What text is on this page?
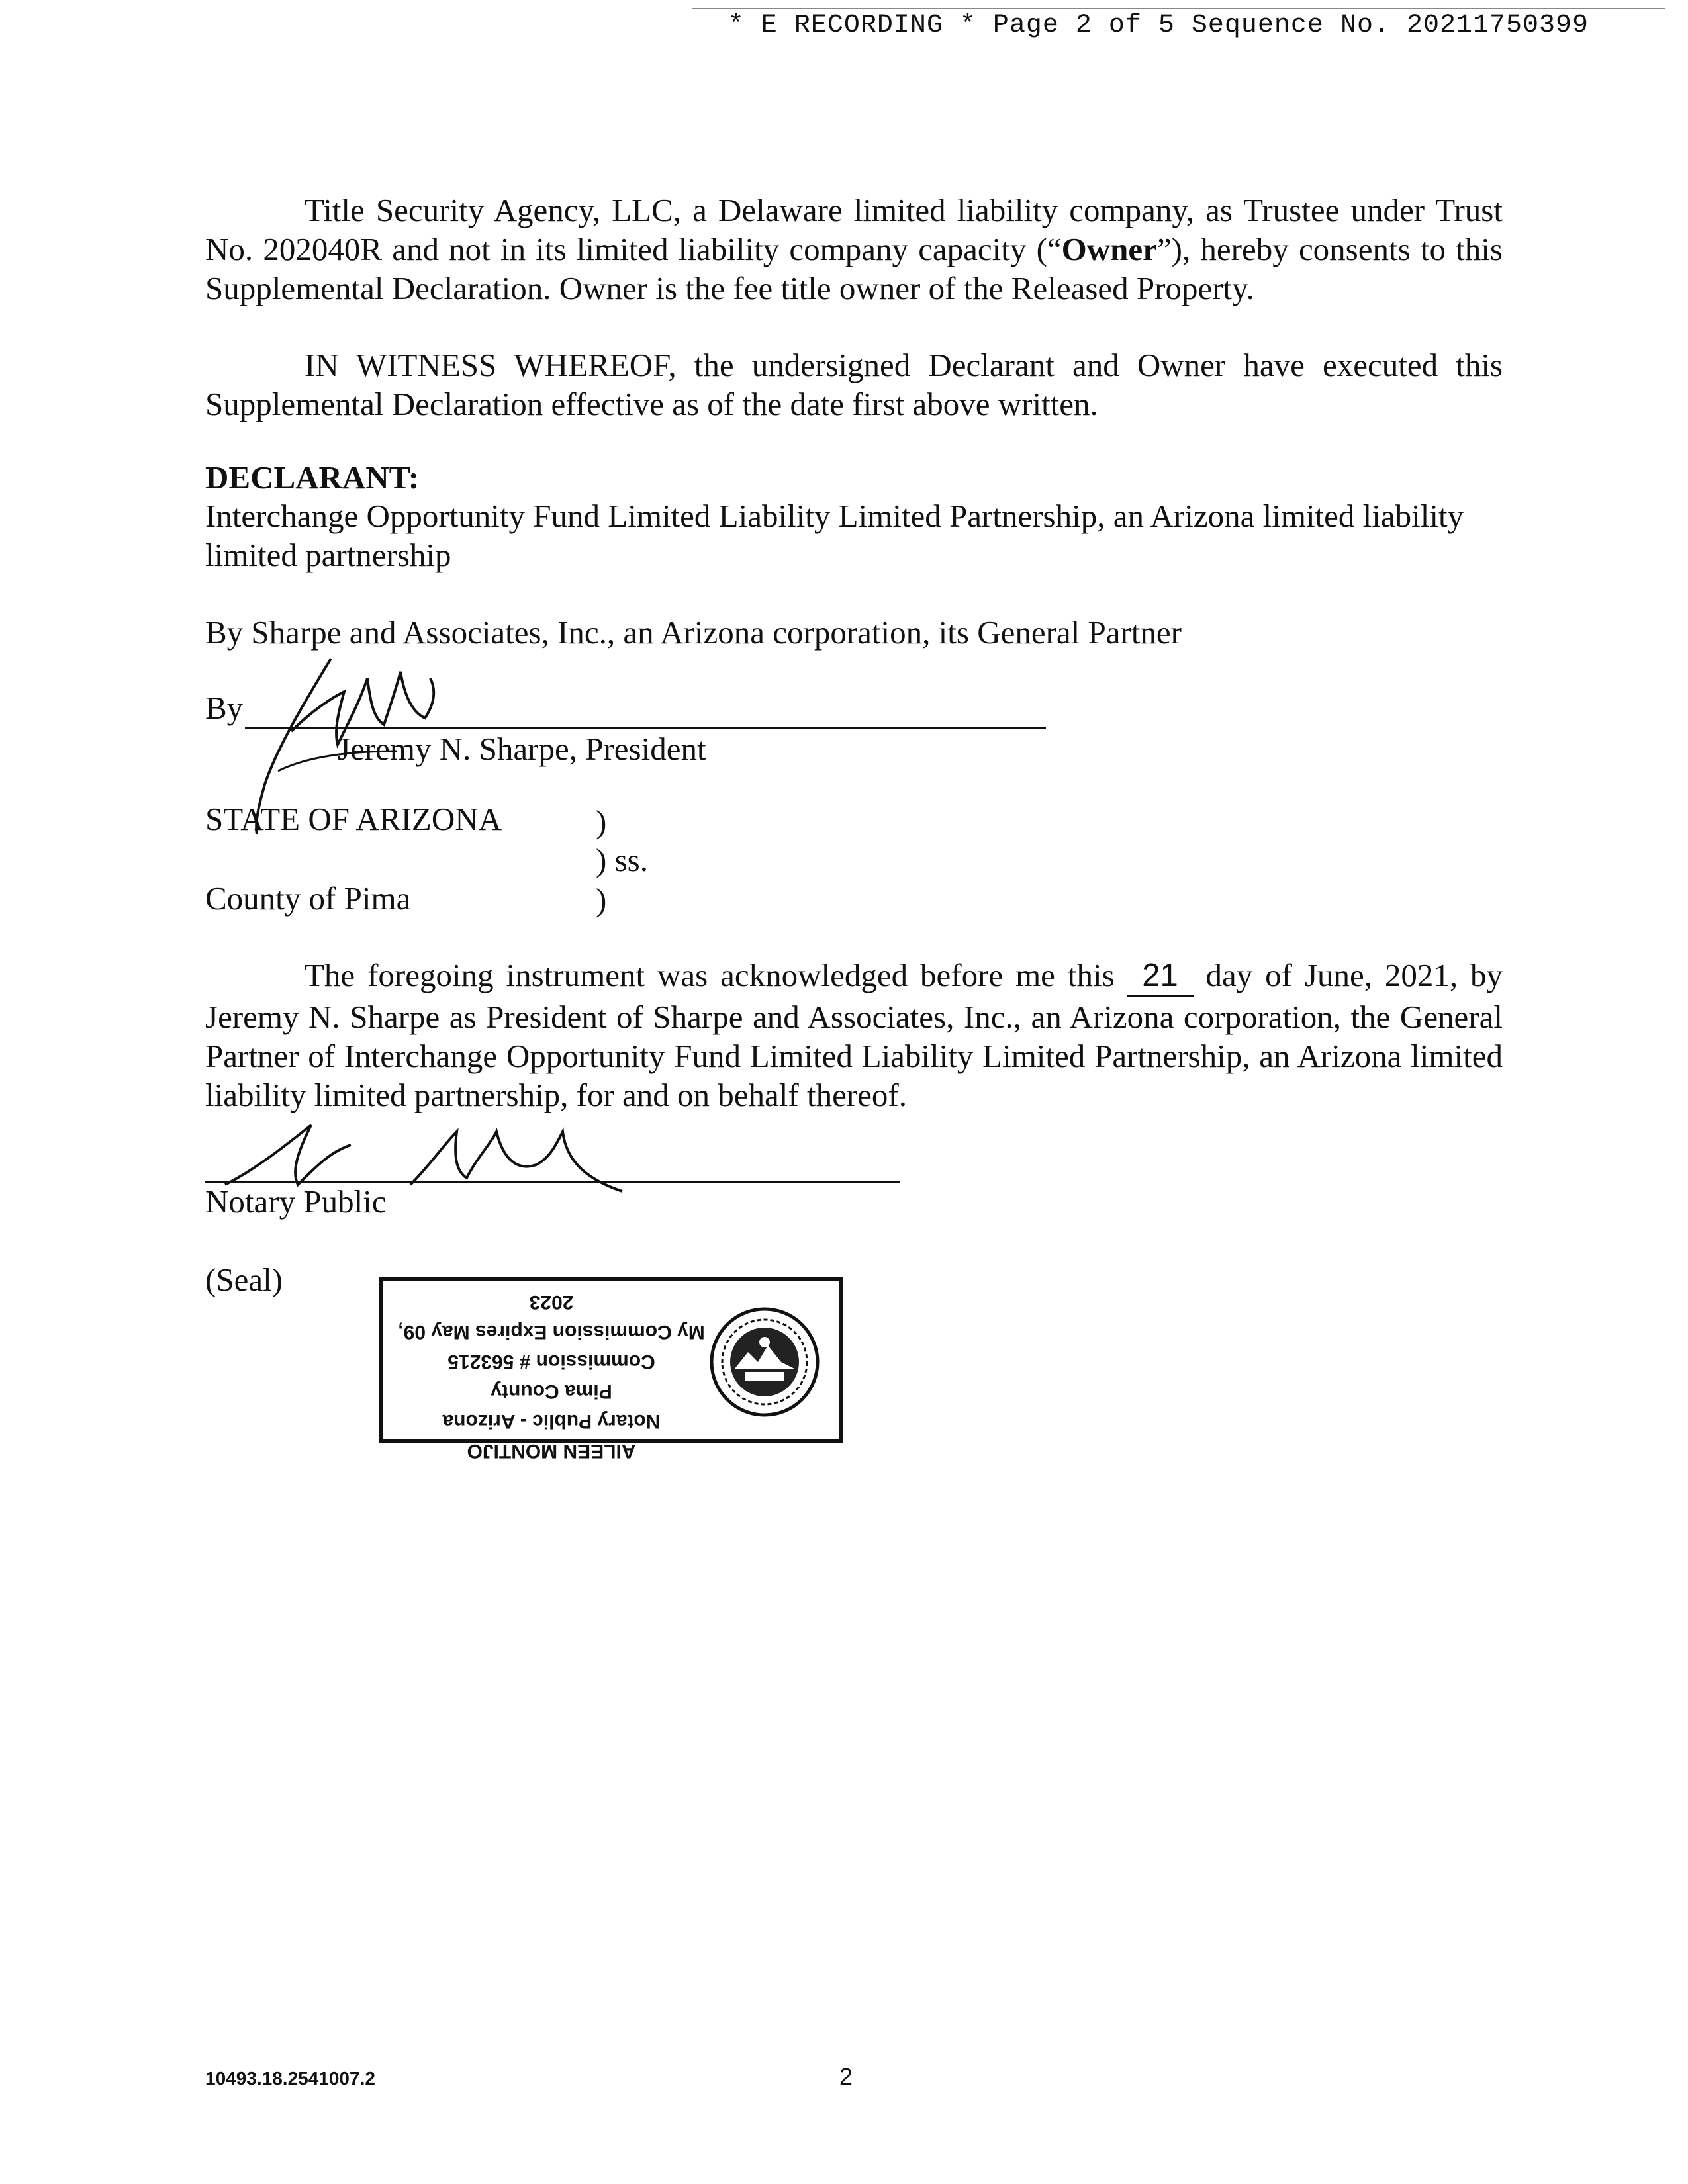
* E RECORDING * Page 2 of 5 Sequence No. 20211750399
Title Security Agency, LLC, a Delaware limited liability company, as Trustee under Trust No. 202040R and not in its limited liability company capacity (“Owner”), hereby consents to this Supplemental Declaration. Owner is the fee title owner of the Released Property.
IN WITNESS WHEREOF, the undersigned Declarant and Owner have executed this Supplemental Declaration effective as of the date first above written.
DECLARANT:
Interchange Opportunity Fund Limited Liability Limited Partnership, an Arizona limited liability limited partnership
By Sharpe and Associates, Inc., an Arizona corporation, its General Partner
By
Jeremy N. Sharpe, President
STATE OF ARIZONA	)
) ss.
County of Pima	)
The foregoing instrument was acknowledged before me this 21 day of June, 2021, by Jeremy N. Sharpe as President of Sharpe and Associates, Inc., an Arizona corporation, the General Partner of Interchange Opportunity Fund Limited Liability Limited Partnership, an Arizona limited liability limited partnership, for and on behalf thereof.
Notary Public
(Seal)
AILEEN MONTIJO
Notary Public - Arizona
Pima County
Commission # 563215
My Commission Expires May 09, 2023
10493.18.2541007.2	2
